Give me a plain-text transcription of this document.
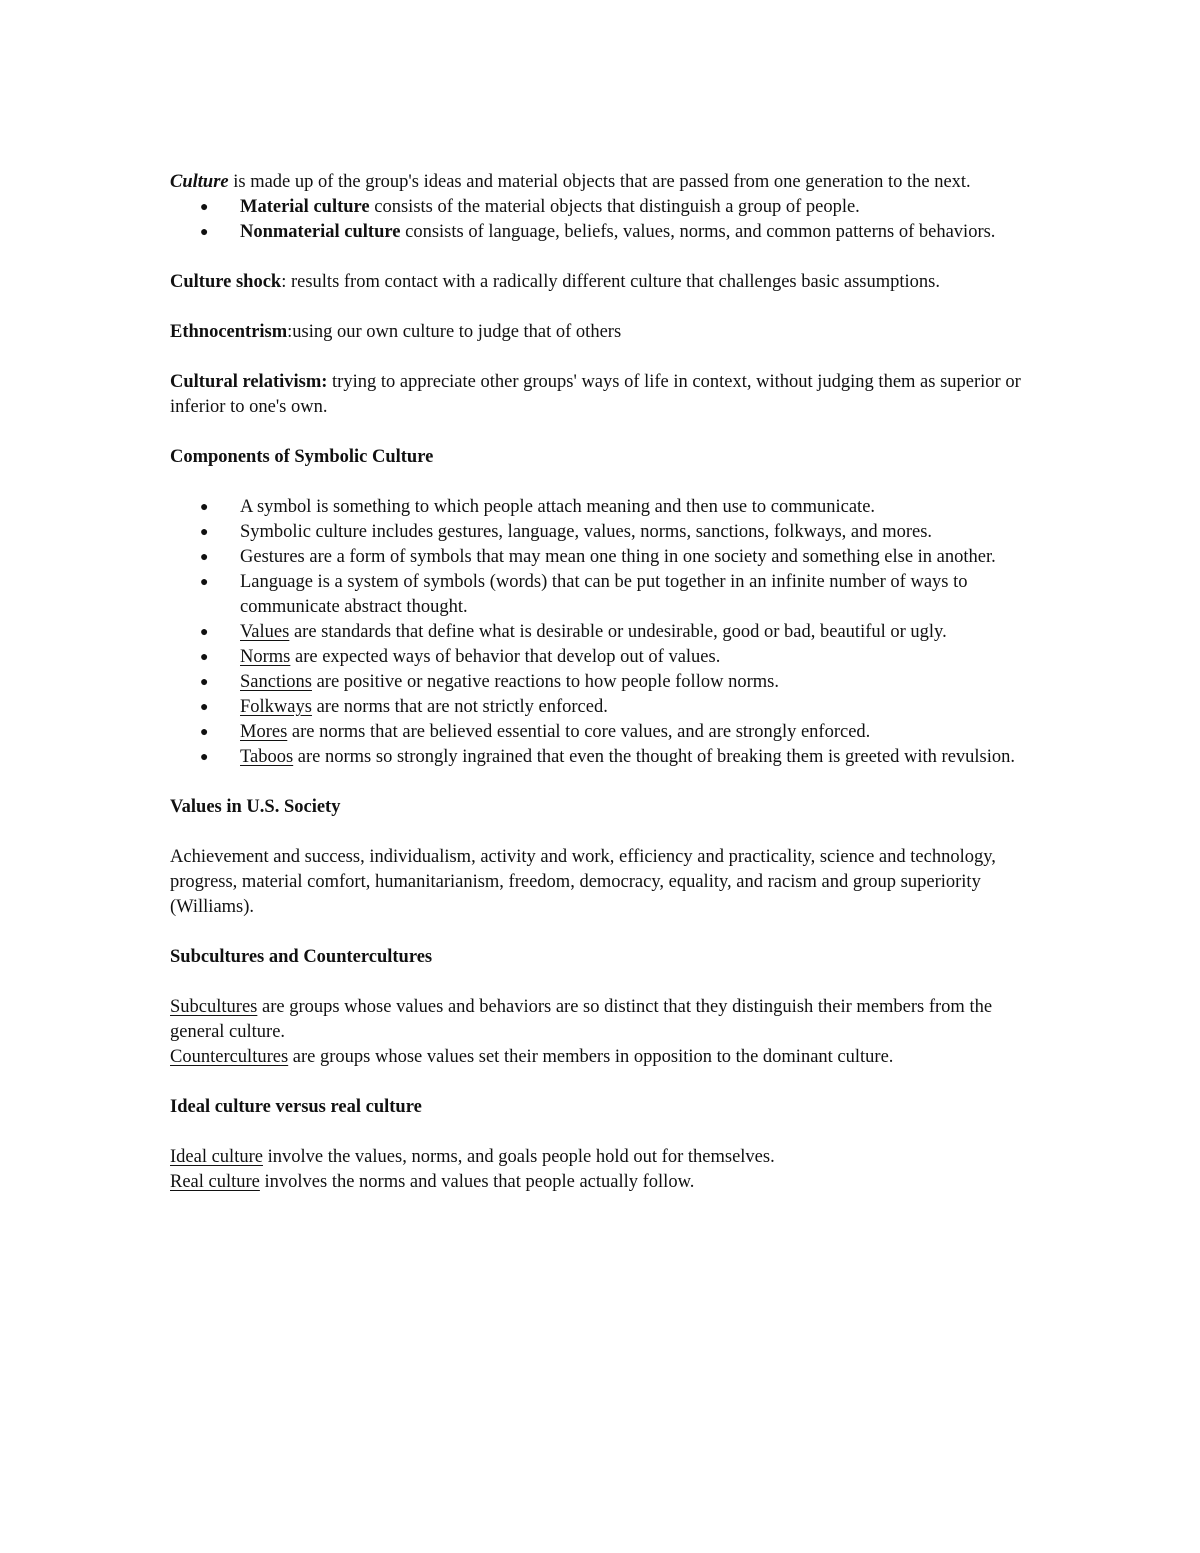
Culture is made up of the group's ideas and material objects that are passed from one generation to the next.

● Material culture consists of the material objects that distinguish a group of people.
● Nonmaterial culture consists of language, beliefs, values, norms, and common patterns of behaviors.

Culture shock: results from contact with a radically different culture that challenges basic assumptions.

Ethnocentrism:using our own culture to judge that of others

Cultural relativism: trying to appreciate other groups' ways of life in context, without judging them as superior or inferior to one's own.

Components of Symbolic Culture

● A symbol is something to which people attach meaning and then use to communicate.
● Symbolic culture includes gestures, language, values, norms, sanctions, folkways, and mores.
● Gestures are a form of symbols that may mean one thing in one society and something else in another.
● Language is a system of symbols (words) that can be put together in an infinite number of ways to communicate abstract thought.
● Values are standards that define what is desirable or undesirable, good or bad, beautiful or ugly.
● Norms are expected ways of behavior that develop out of values.
● Sanctions are positive or negative reactions to how people follow norms.
● Folkways are norms that are not strictly enforced.
● Mores are norms that are believed essential to core values, and are strongly enforced.
● Taboos are norms so strongly ingrained that even the thought of breaking them is greeted with revulsion.

Values in U.S. Society

Achievement and success, individualism, activity and work, efficiency and practicality, science and technology, progress, material comfort, humanitarianism, freedom, democracy, equality, and racism and group superiority (Williams).

Subcultures and Countercultures

Subcultures are groups whose values and behaviors are so distinct that they distinguish their members from the general culture.

Countercultures are groups whose values set their members in opposition to the dominant culture.

Ideal culture versus real culture

Ideal culture involve the values, norms, and goals people hold out for themselves.

Real culture involves the norms and values that people actually follow.
